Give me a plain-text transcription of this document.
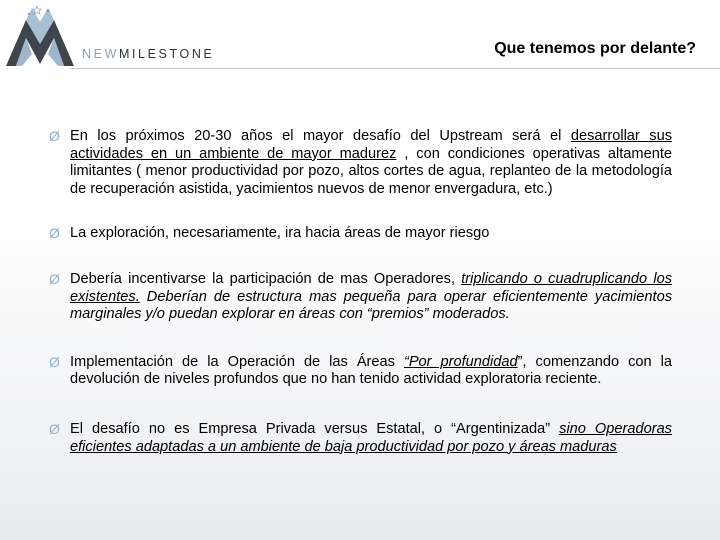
NEWMILESTONE	Que tenemos por delante?
Ø En los próximos 20-30 años el mayor desafío del Upstream será el desarrollar sus actividades en un ambiente de mayor madurez , con condiciones operativas altamente limitantes ( menor productividad por pozo, altos cortes de agua, replanteo de la metodología de recuperación asistida, yacimientos nuevos de menor envergadura, etc.)
Ø La exploración, necesariamente, ira hacia áreas de mayor riesgo
Ø Debería incentivarse la participación de mas Operadores, triplicando o cuadruplicando los existentes. Deberían de estructura mas pequeña para operar eficientemente yacimientos marginales y/o puedan explorar en áreas con “premios” moderados.
Ø Implementación de la Operación de las Áreas “Por profundidad”, comenzando con la devolución de niveles profundos que no han tenido actividad exploratoria reciente.
Ø El desafío no es Empresa Privada versus Estatal, o “Argentinizada” sino Operadoras eficientes adaptadas a un ambiente de baja productividad por pozo y áreas maduras
